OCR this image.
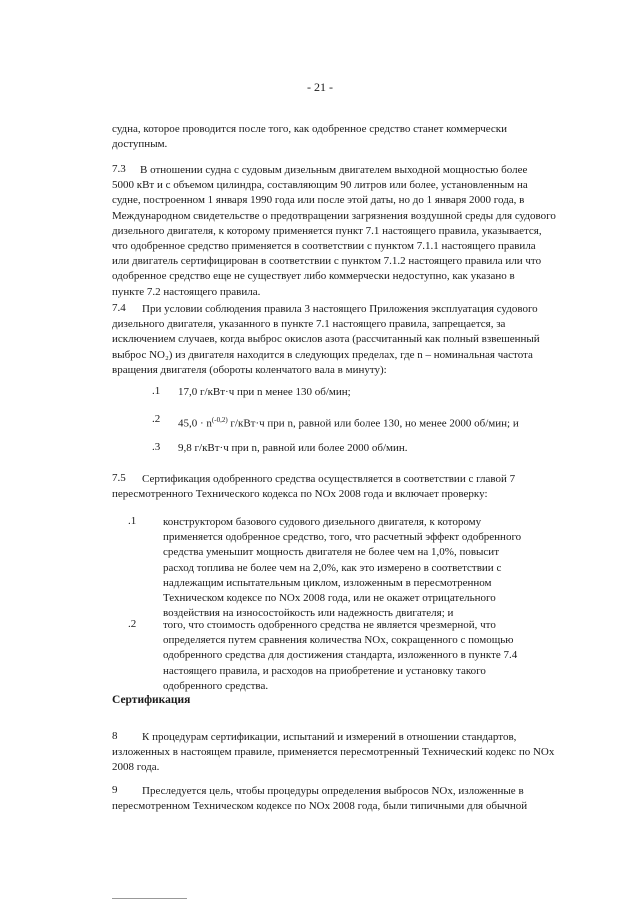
- 21 -
судна, которое проводится после того, как одобренное средство станет коммерчески
доступным.
7.3	В отношении судна с судовым дизельным двигателем выходной мощностью более
5000 кВт и с объемом цилиндра, составляющим 90 литров или более, установленным на
судне, построенном 1 января 1990 года или после этой даты, но до 1 января 2000 года, в
Международном свидетельстве о предотвращении загрязнения воздушной среды для судового
дизельного двигателя, к которому применяется пункт 7.1 настоящего правила, указывается,
что одобренное средство применяется в соответствии с пунктом 7.1.1 настоящего правила
или двигатель сертифицирован в соответствии с пунктом 7.1.2 настоящего правила или что
одобренное средство еще не существует либо коммерчески недоступно, как указано в
пункте 7.2 настоящего правила.
7.4	При условии соблюдения правила 3 настоящего Приложения эксплуатация судового
дизельного двигателя, указанного в пункте 7.1 настоящего правила, запрещается, за
исключением случаев, когда выброс окислов азота (рассчитанный как полный взвешенный
выброс NO₂) из двигателя находится в следующих пределах, где n – номинальная частота
вращения двигателя (обороты коленчатого вала в минуту):
.1 17,0 г/кВт·ч при n менее 130 об/мин;
.2 $45,0 \cdot n^{(-0,2)}$ г/кВт·ч при n, равной или более 130, но менее 2000 об/мин; и
.3 9,8 г/кВт·ч при n, равной или более 2000 об/мин.
7.5	Сертификация одобренного средства осуществляется в соответствии с главой 7
пересмотренного Технического кодекса по NOx 2008 года и включает проверку:
.1 конструктором базового судового дизельного двигателя, к которому
применяется одобренное средство, того, что расчетный эффект одобренного
средства уменьшит мощность двигателя не более чем на 1,0%, повысит
расход топлива не более чем на 2,0%, как это измерено в соответствии с
надлежащим испытательным циклом, изложенным в пересмотренном
Техническом кодексе по NOx 2008 года, или не окажет отрицательного
воздействия на износостойкость или надежность двигателя; и
.2 того, что стоимость одобренного средства не является чрезмерной, что
определяется путем сравнения количества NOx, сокращенного с помощью
одобренного средства для достижения стандарта, изложенного в пункте 7.4
настоящего правила, и расходов на приобретение и установку такого
одобренного средства.
Сертификация
8	К процедурам сертификации, испытаний и измерений в отношении стандартов,
изложенных в настоящем правиле, применяется пересмотренный Технический кодекс по NOx
2008 года.
9	Преследуется цель, чтобы процедуры определения выбросов NOx, изложенные в
пересмотренном Техническом кодексе по NOx 2008 года, были типичными для обычной
